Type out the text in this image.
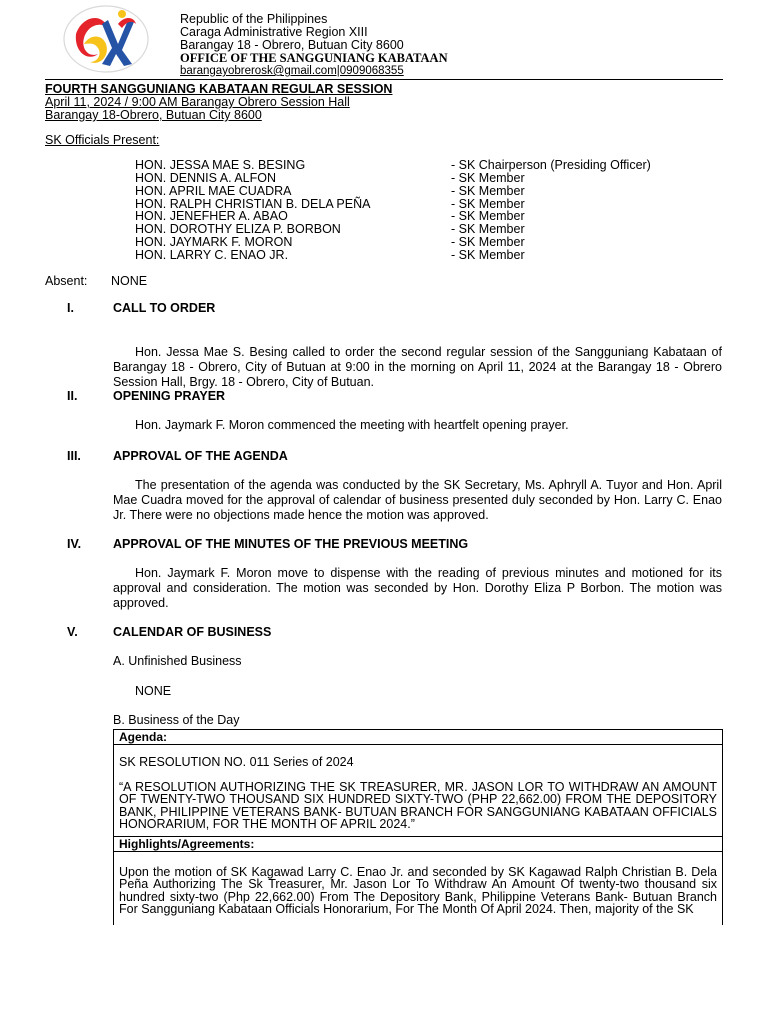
Republic of the Philippines
Caraga Administrative Region XIII
Barangay 18 - Obrero, Butuan City 8600
OFFICE OF THE SANGGUNIANG KABATAAN
barangayobrerosk@gmail.com|0909068355
FOURTH SANGGUNIANG KABATAAN REGULAR SESSION
April 11, 2024 / 9:00 AM Barangay Obrero Session Hall
Barangay 18-Obrero, Butuan City 8600
SK Officials Present:
HON. JESSA MAE S. BESING	- SK Chairperson (Presiding Officer)
HON. DENNIS A. ALFON	- SK Member
HON. APRIL MAE CUADRA	- SK Member
HON. RALPH CHRISTIAN B. DELA PEÑA	- SK Member
HON. JENEFHER A. ABAO	- SK Member
HON. DOROTHY ELIZA P. BORBON	- SK Member
HON. JAYMARK F. MORON	- SK Member
HON. LARRY C. ENAO JR.	- SK Member
Absent: NONE
I.	CALL TO ORDER
Hon. Jessa Mae S. Besing called to order the second regular session of the Sangguniang Kabataan of Barangay 18 - Obrero, City of Butuan at 9:00 in the morning on April 11, 2024 at the Barangay 18 - Obrero Session Hall, Brgy. 18 - Obrero, City of Butuan.
II.	OPENING PRAYER
Hon. Jaymark F. Moron commenced the meeting with heartfelt opening prayer.
III.	APPROVAL OF THE AGENDA
The presentation of the agenda was conducted by the SK Secretary, Ms. Aphryll A. Tuyor and Hon. April Mae Cuadra moved for the approval of calendar of business presented duly seconded by Hon. Larry C. Enao Jr. There were no objections made hence the motion was approved.
IV.	APPROVAL OF THE MINUTES OF THE PREVIOUS MEETING
Hon. Jaymark F. Moron move to dispense with the reading of previous minutes and motioned for its approval and consideration. The motion was seconded by Hon. Dorothy Eliza P Borbon. The motion was approved.
V.	CALENDAR OF BUSINESS
A. Unfinished Business
NONE
B. Business of the Day
Agenda:

SK RESOLUTION NO. 011 Series of 2024

“A RESOLUTION AUTHORIZING THE SK TREASURER, MR. JASON LOR TO WITHDRAW AN AMOUNT OF TWENTY-TWO THOUSAND SIX HUNDRED SIXTY-TWO (PHP 22,662.00) FROM THE DEPOSITORY BANK, PHILIPPINE VETERANS BANK- BUTUAN BRANCH FOR SANGGUNIANG KABATAAN OFFICIALS HONORARIUM, FOR THE MONTH OF APRIL 2024.”

Highlights/Agreements:

Upon the motion of SK Kagawad Larry C. Enao Jr. and seconded by SK Kagawad Ralph Christian B. Dela Peña Authorizing The Sk Treasurer, Mr. Jason Lor To Withdraw An Amount Of twenty-two thousand six hundred sixty-two (Php 22,662.00) From The Depository Bank, Philippine Veterans Bank- Butuan Branch For Sangguniang Kabataan Officials Honorarium, For The Month Of April 2024. Then, majority of the SK
